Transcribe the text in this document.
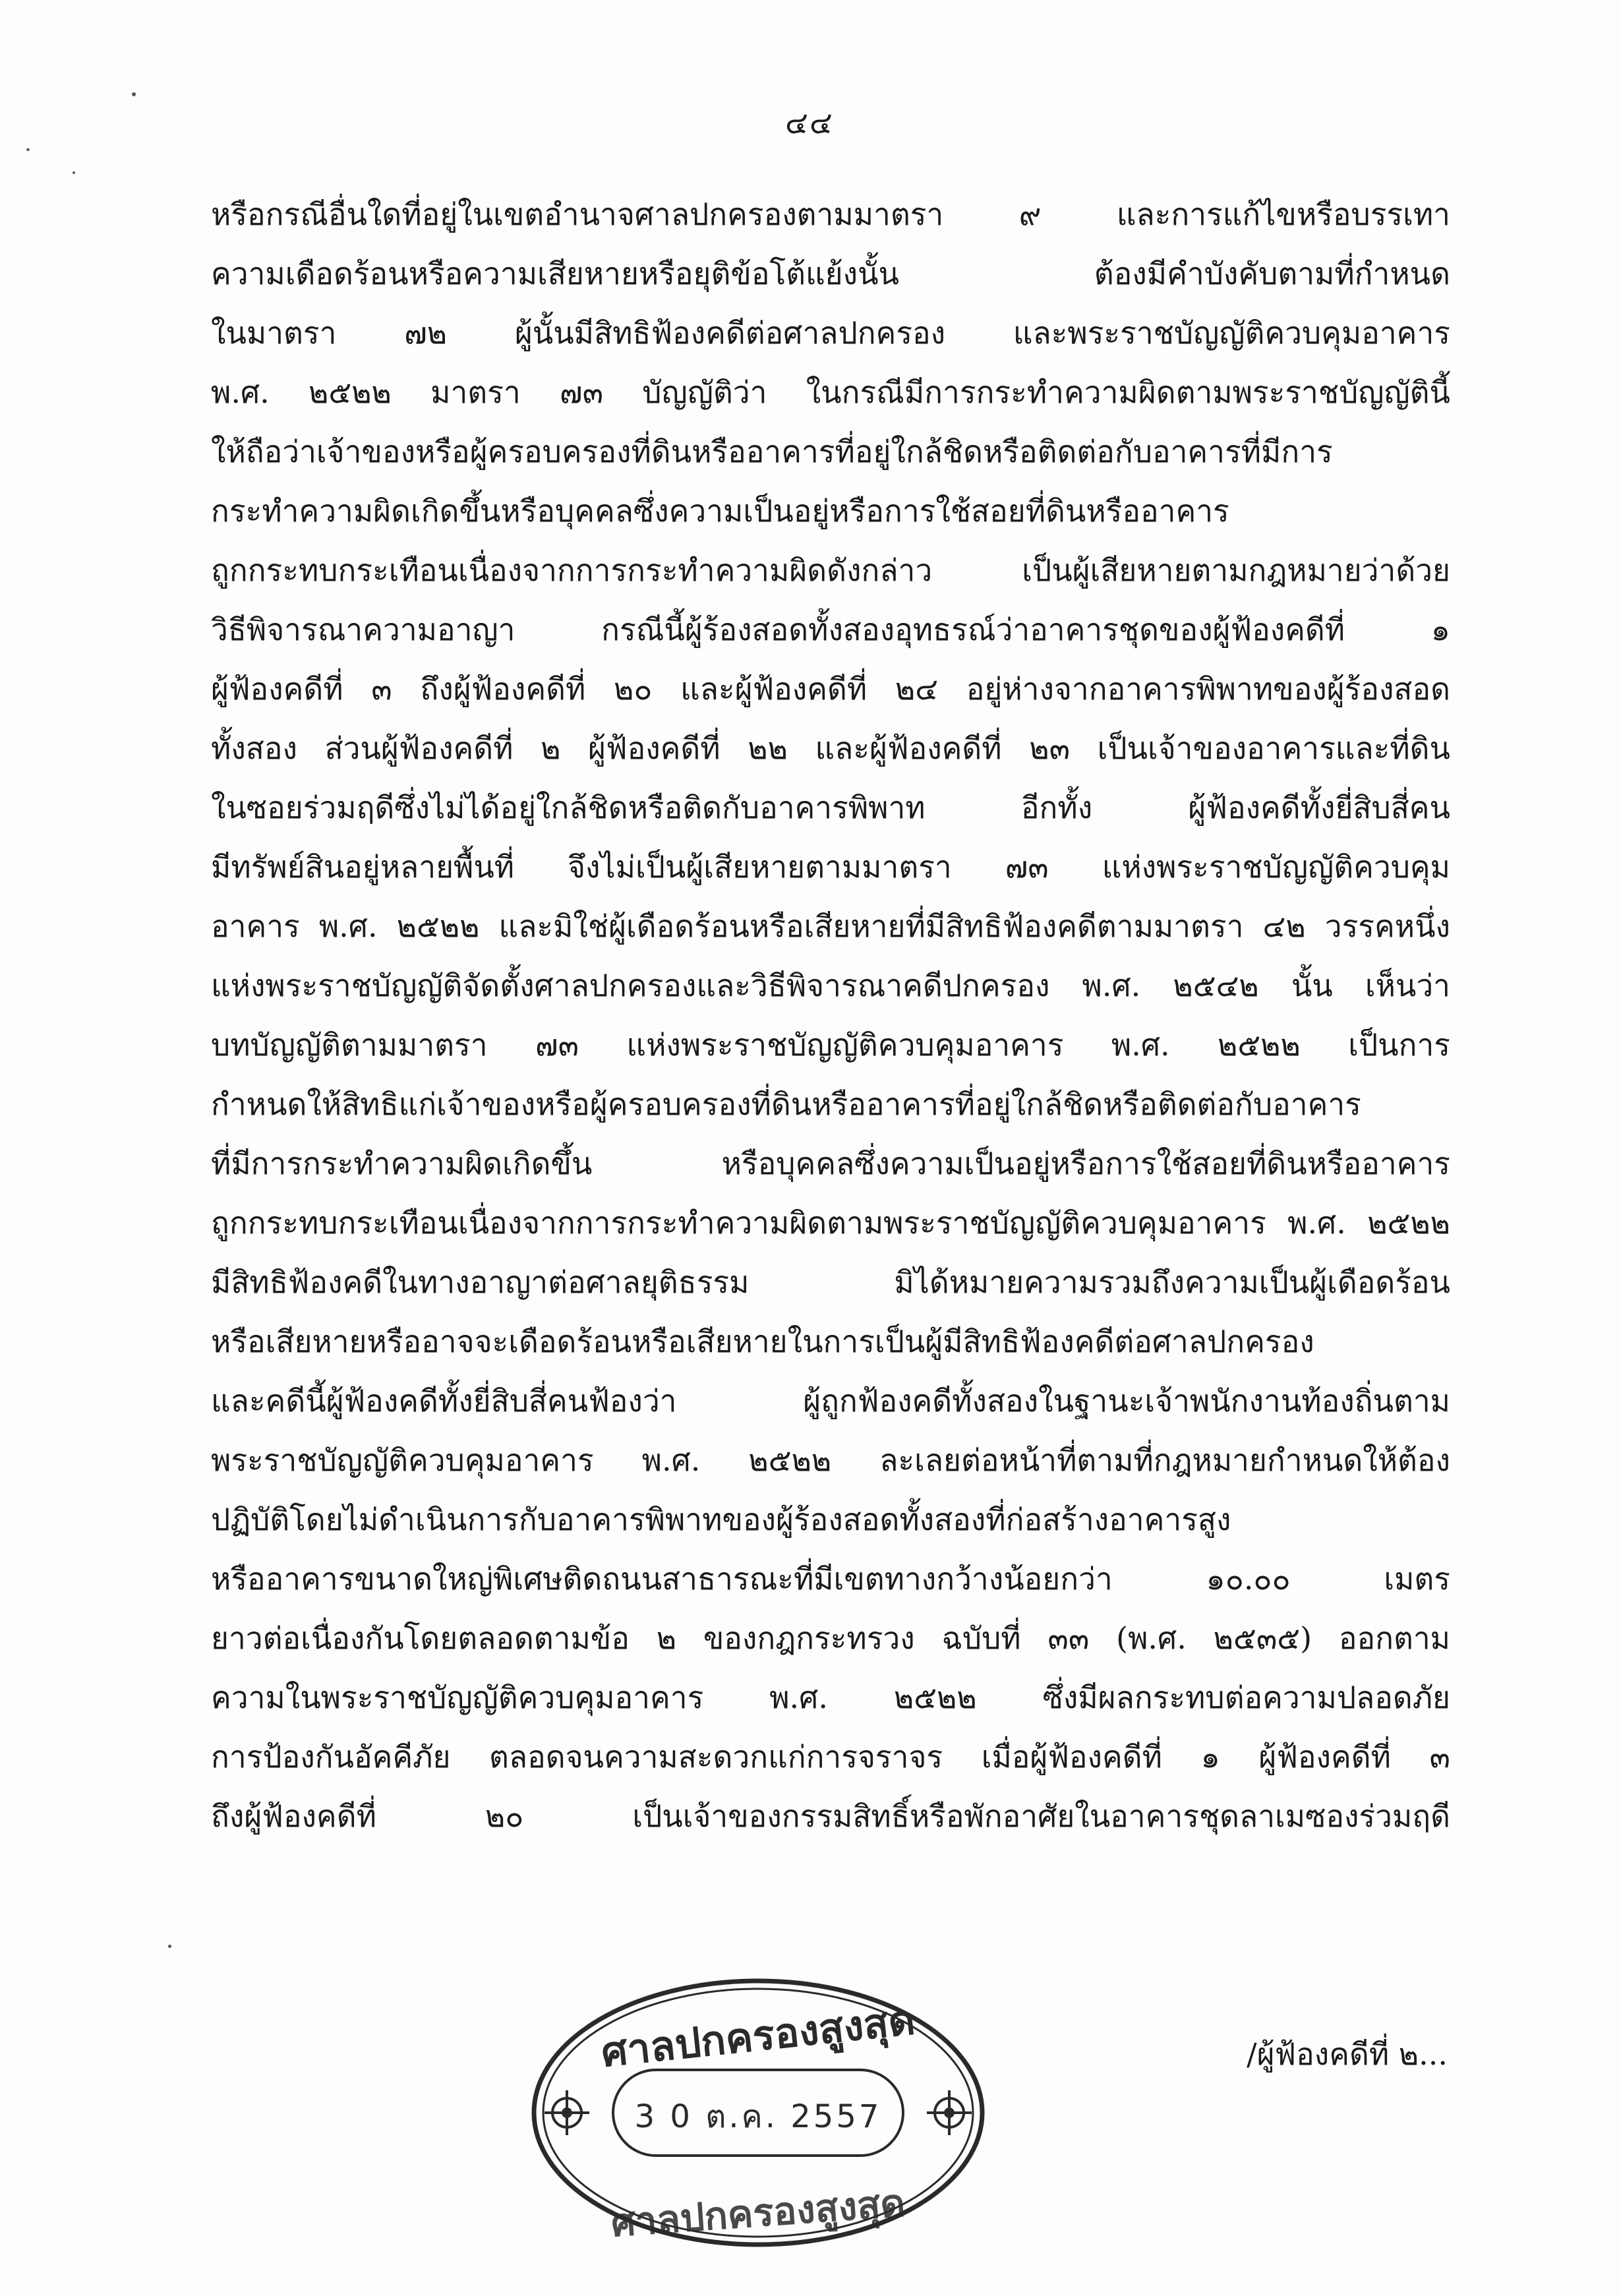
๔๔
หรือกรณีอื่นใดที่อยู่ในเขตอำนาจศาลปกครองตามมาตรา ๙ และการแก้ไขหรือบรรเทา
ความเดือดร้อนหรือความเสียหายหรือยุติข้อโต้แย้งนั้น ต้องมีคำบังคับตามที่กำหนด
ในมาตรา ๗๒ ผู้นั้นมีสิทธิฟ้องคดีต่อศาลปกครอง และพระราชบัญญัติควบคุมอาคาร
พ.ศ. ๒๕๒๒ มาตรา ๗๓ บัญญัติว่า ในกรณีมีการกระทำความผิดตามพระราชบัญญัตินี้
ให้ถือว่าเจ้าของหรือผู้ครอบครองที่ดินหรืออาคารที่อยู่ใกล้ชิดหรือติดต่อกับอาคารที่มีการ
กระทำความผิดเกิดขึ้นหรือบุคคลซึ่งความเป็นอยู่หรือการใช้สอยที่ดินหรืออาคาร
ถูกกระทบกระเทือนเนื่องจากการกระทำความผิดดังกล่าว เป็นผู้เสียหายตามกฎหมายว่าด้วย
วิธีพิจารณาความอาญา กรณีนี้ผู้ร้องสอดทั้งสองอุทธรณ์ว่าอาคารชุดของผู้ฟ้องคดีที่ ๑
ผู้ฟ้องคดีที่ ๓ ถึงผู้ฟ้องคดีที่ ๒๐ และผู้ฟ้องคดีที่ ๒๔ อยู่ห่างจากอาคารพิพาทของผู้ร้องสอด
ทั้งสอง ส่วนผู้ฟ้องคดีที่ ๒ ผู้ฟ้องคดีที่ ๒๒ และผู้ฟ้องคดีที่ ๒๓ เป็นเจ้าของอาคารและที่ดิน
ในซอยร่วมฤดีซึ่งไม่ได้อยู่ใกล้ชิดหรือติดกับอาคารพิพาท อีกทั้ง ผู้ฟ้องคดีทั้งยี่สิบสี่คน
มีทรัพย์สินอยู่หลายพื้นที่ จึงไม่เป็นผู้เสียหายตามมาตรา ๗๓ แห่งพระราชบัญญัติควบคุม
อาคาร พ.ศ. ๒๕๒๒ และมิใช่ผู้เดือดร้อนหรือเสียหายที่มีสิทธิฟ้องคดีตามมาตรา ๔๒ วรรคหนึ่ง
แห่งพระราชบัญญัติจัดตั้งศาลปกครองและวิธีพิจารณาคดีปกครอง พ.ศ. ๒๕๔๒ นั้น เห็นว่า
บทบัญญัติตามมาตรา ๗๓ แห่งพระราชบัญญัติควบคุมอาคาร พ.ศ. ๒๕๒๒ เป็นการ
กำหนดให้สิทธิแก่เจ้าของหรือผู้ครอบครองที่ดินหรืออาคารที่อยู่ใกล้ชิดหรือติดต่อกับอาคาร
ที่มีการกระทำความผิดเกิดขึ้น หรือบุคคลซึ่งความเป็นอยู่หรือการใช้สอยที่ดินหรืออาคาร
ถูกกระทบกระเทือนเนื่องจากการกระทำความผิดตามพระราชบัญญัติควบคุมอาคาร พ.ศ. ๒๕๒๒
มีสิทธิฟ้องคดีในทางอาญาต่อศาลยุติธรรม มิได้หมายความรวมถึงความเป็นผู้เดือดร้อน
หรือเสียหายหรืออาจจะเดือดร้อนหรือเสียหายในการเป็นผู้มีสิทธิฟ้องคดีต่อศาลปกครอง
และคดีนี้ผู้ฟ้องคดีทั้งยี่สิบสี่คนฟ้องว่า ผู้ถูกฟ้องคดีทั้งสองในฐานะเจ้าพนักงานท้องถิ่นตาม
พระราชบัญญัติควบคุมอาคาร พ.ศ. ๒๕๒๒ ละเลยต่อหน้าที่ตามที่กฎหมายกำหนดให้ต้อง
ปฏิบัติโดยไม่ดำเนินการกับอาคารพิพาทของผู้ร้องสอดทั้งสองที่ก่อสร้างอาคารสูง
หรืออาคารขนาดใหญ่พิเศษติดถนนสาธารณะที่มีเขตทางกว้างน้อยกว่า ๑๐.๐๐ เมตร
ยาวต่อเนื่องกันโดยตลอดตามข้อ ๒ ของกฎกระทรวง ฉบับที่ ๓๓ (พ.ศ. ๒๕๓๕) ออกตาม
ความในพระราชบัญญัติควบคุมอาคาร พ.ศ. ๒๕๒๒ ซึ่งมีผลกระทบต่อความปลอดภัย
การป้องกันอัคคีภัย ตลอดจนความสะดวกแก่การจราจร เมื่อผู้ฟ้องคดีที่ ๑ ผู้ฟ้องคดีที่ ๓
ถึงผู้ฟ้องคดีที่ ๒๐ เป็นเจ้าของกรรมสิทธิ์หรือพักอาศัยในอาคารชุดลาเมซองร่วมฤดี
/ผู้ฟ้องคดีที่ ๒...
ศาลปกครองสูงสุด
3 0 ต.ค. 2557
ศาลปกครองสูงสุด
